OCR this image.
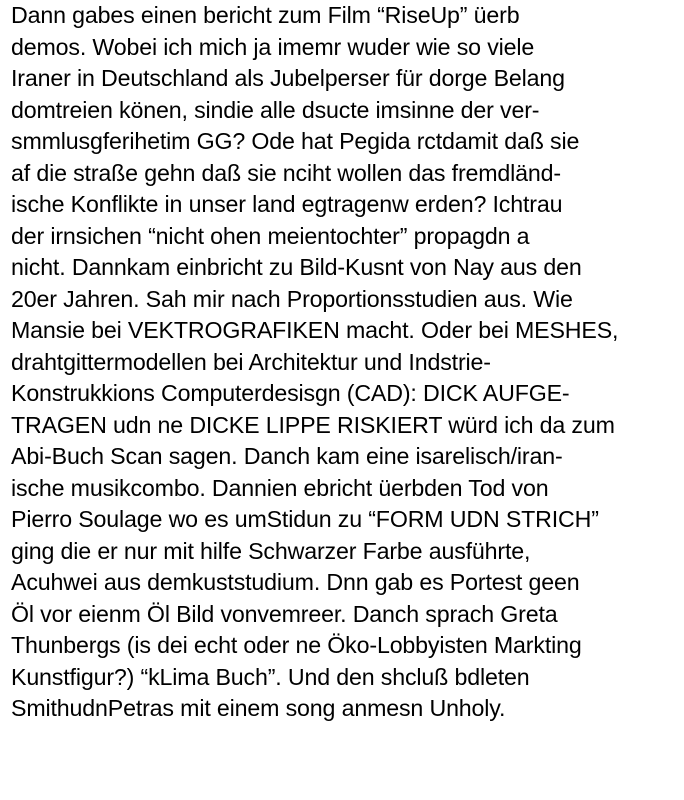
Dann gabes einen bericht zum Film “RiseUp” üerb
demos. Wobei ich mich ja imemr wuder wie so viele
Iraner in Deutschland als Jubelperser für dorge Belang
domtreien könen, sindie alle dsucte imsinne der ver-
smmlusgferihetim GG? Ode hat Pegida rctdamit daß sie
af die straße gehn daß sie nciht wollen das fremdländ-
ische Konflikte in unser land egtragenw erden? Ichtrau
der irnsichen “nicht ohen meientochter” propagdn a
nicht. Dannkam einbricht zu Bild-Kusnt von Nay aus den
20er Jahren. Sah mir nach Proportionsstudien aus. Wie
Mansie bei VEKTROGRAFIKEN macht. Oder bei MESHES,
drahtgittermodellen bei Architektur und Indstrie-
Konstrukkions Computerdesisgn (CAD): DICK AUFGE-
TRAGEN udn ne DICKE LIPPE RISKIERT würd ich da zum
Abi-Buch Scan sagen. Danch kam eine isarelisch/iran-
ische musikcombo. Dannien ebricht üerbden Tod von
Pierro Soulage wo es umStidun zu “FORM UDN STRICH”
ging die er nur mit hilfe Schwarzer Farbe ausführte,
Acuhwei aus demkuststudium. Dnn gab es Portest geen
Öl vor eienm Öl Bild vonvemreer. Danch sprach Greta
Thunbergs (is dei echt oder ne Öko-Lobbyisten Markting
Kunstfigur?) “kLima Buch”. Und den shcluß bdleten
SmithudnPetras mit einem song anmesn Unholy.
